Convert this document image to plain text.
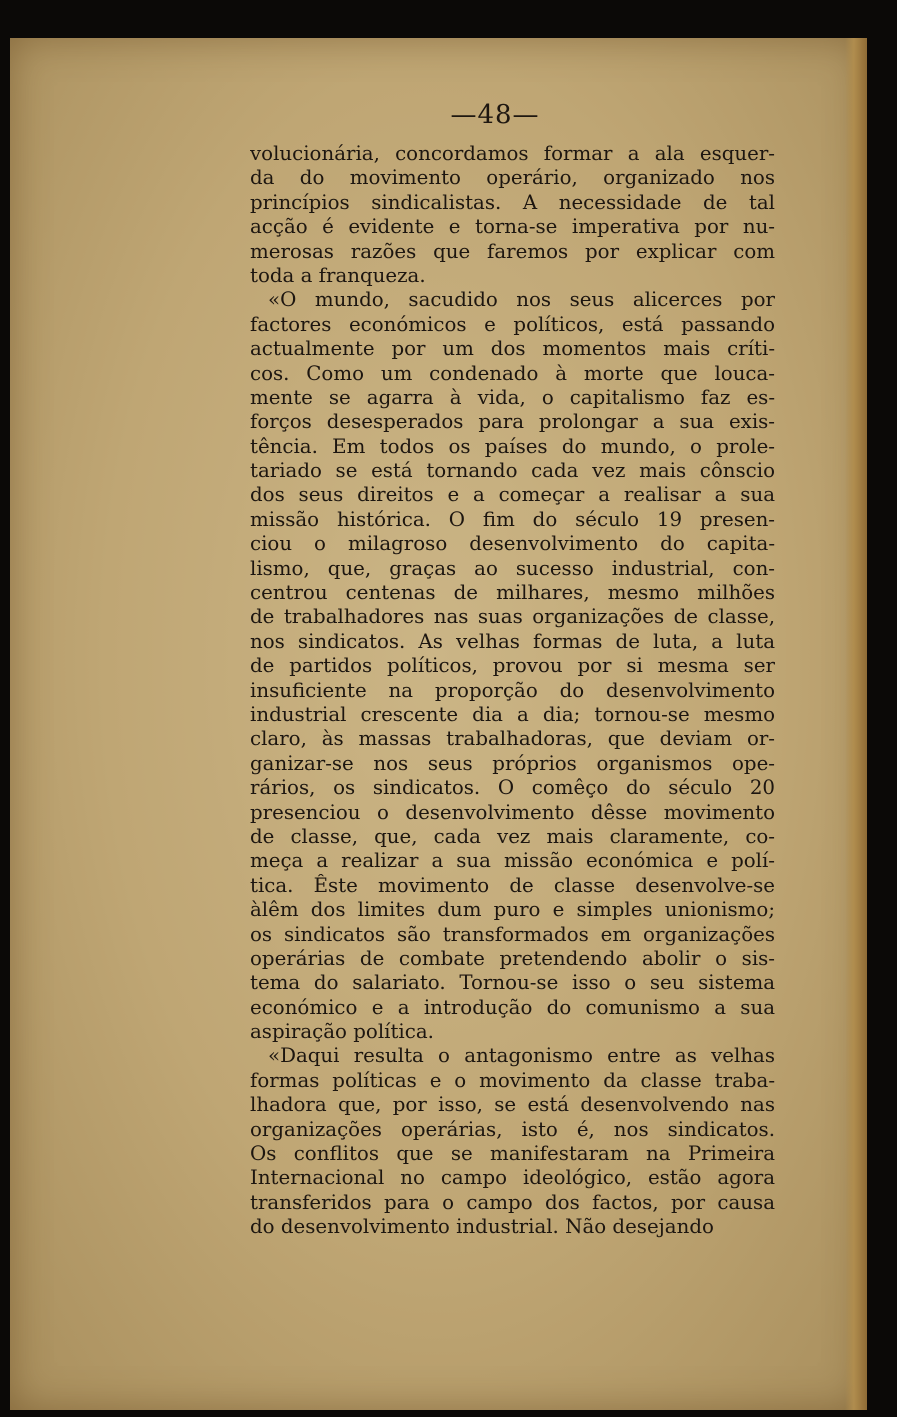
—48—
volucionária, concordamos formar a ala esquer-
da do movimento operário, organizado nos
princípios sindicalistas. A necessidade de tal
acção é evidente e torna-se imperativa por nu-
merosas razões que faremos por explicar com
toda a franqueza.
«O mundo, sacudido nos seus alicerces por
factores económicos e políticos, está passando
actualmente por um dos momentos mais críti-
cos. Como um condenado à morte que louca-
mente se agarra à vida, o capitalismo faz es-
forços desesperados para prolongar a sua exis-
tência. Em todos os países do mundo, o prole-
tariado se está tornando cada vez mais cônscio
dos seus direitos e a começar a realisar a sua
missão histórica. O fim do século 19 presen-
ciou o milagroso desenvolvimento do capita-
lismo, que, graças ao sucesso industrial, con-
centrou centenas de milhares, mesmo milhões
de trabalhadores nas suas organizações de classe,
nos sindicatos. As velhas formas de luta, a luta
de partidos políticos, provou por si mesma ser
insuficiente na proporção do desenvolvimento
industrial crescente dia a dia; tornou-se mesmo
claro, às massas trabalhadoras, que deviam or-
ganizar-se nos seus próprios organismos ope-
rários, os sindicatos. O comêço do século 20
presenciou o desenvolvimento dêsse movimento
de classe, que, cada vez mais claramente, co-
meça a realizar a sua missão económica e polí-
tica. Êste movimento de classe desenvolve-se
àlêm dos limites dum puro e simples unionismo;
os sindicatos são transformados em organizações
operárias de combate pretendendo abolir o sis-
tema do salariato. Tornou-se isso o seu sistema
económico e a introdução do comunismo a sua
aspiração política.
«Daqui resulta o antagonismo entre as velhas
formas políticas e o movimento da classe traba-
lhadora que, por isso, se está desenvolvendo nas
organizações operárias, isto é, nos sindicatos.
Os conflitos que se manifestaram na Primeira
Internacional no campo ideológico, estão agora
transferidos para o campo dos factos, por causa
do desenvolvimento industrial. Não desejando
